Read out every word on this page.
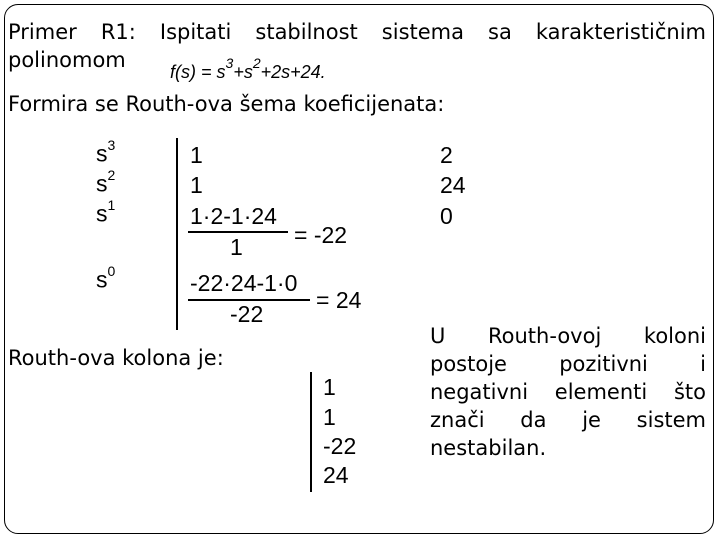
Primer R1: Ispitati stabilnost sistema sa karakterističnim
polinomom $f(s) = s^3+s^2+2s+24$.
Formira se Routh-ova šema koeficijenata:
$s^3$
$s^2$
$s^1$
$s^0$
1	2
1	24
1·2-1·24
1 = -22
0
-22·24-1·0
-22
= 24
Routh-ova kolona je:
1
1
-22
24
U Routh-ovoj koloni postoje pozitivni i negativni elementi što znači da je sistem nestabilan.
